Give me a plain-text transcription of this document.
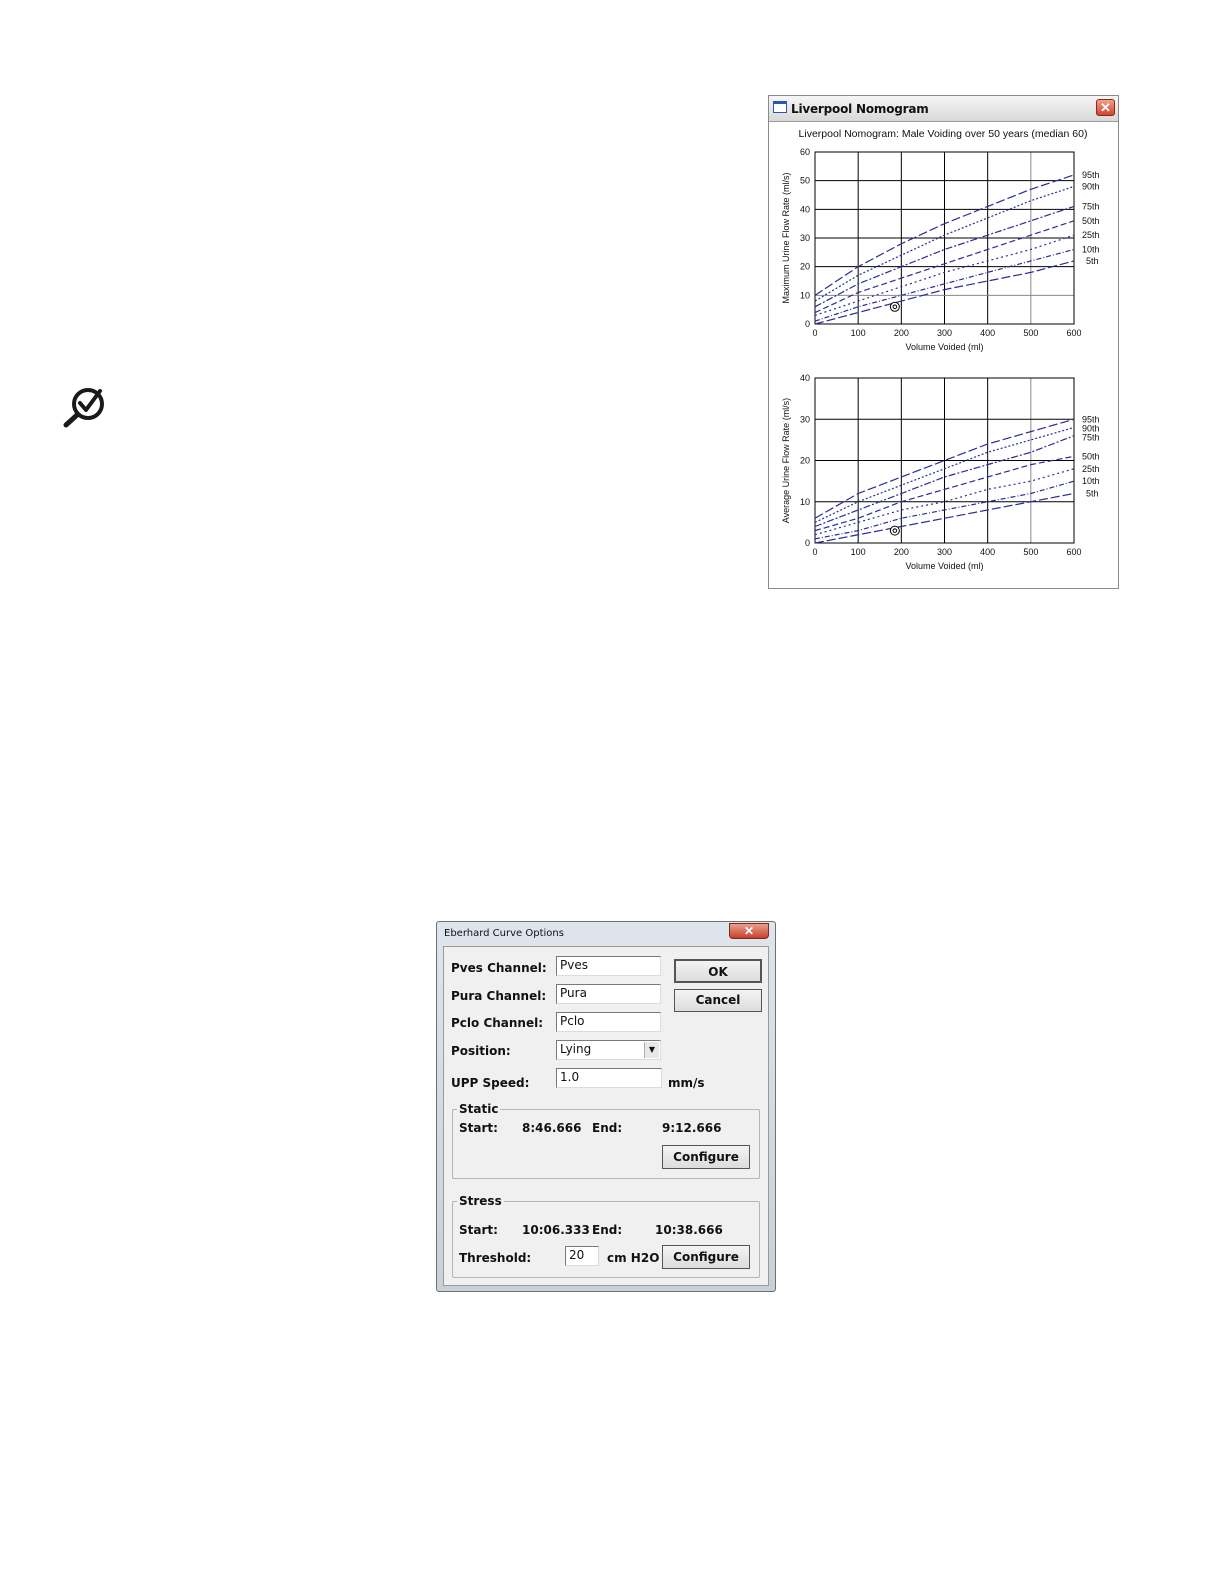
Liverpool Nomogram	✕
Liverpool Nomogram: Male Voiding over 50 years (median 60)
0	100	200	300	400	500	600
0
10
20
30
40
50
60
95th
90th
75th
50th
25th
10th
5th
Volume Voided (ml)
Maximum Urine Flow Rate (ml/s)
0	100	200	300	400	500	600
0
10
20
30
40
95th
90th
75th
50th
25th
10th
5th
Volume Voided (ml)
Average Urine Flow Rate (ml/s)
Eberhard Curve Options	✕
Pves Channel:	Pves
Pura Channel:	Pura
Pclo Channel:	Pclo
Position:	Lying	▼
UPP Speed:	1.0	mm/s
OK
Cancel
Static
Start: 8:46.666 End:	9:12.666
Configure
Stress
Start: 10:06.333 End:	10:38.666
Threshold:	20	cm H2O	Configure
